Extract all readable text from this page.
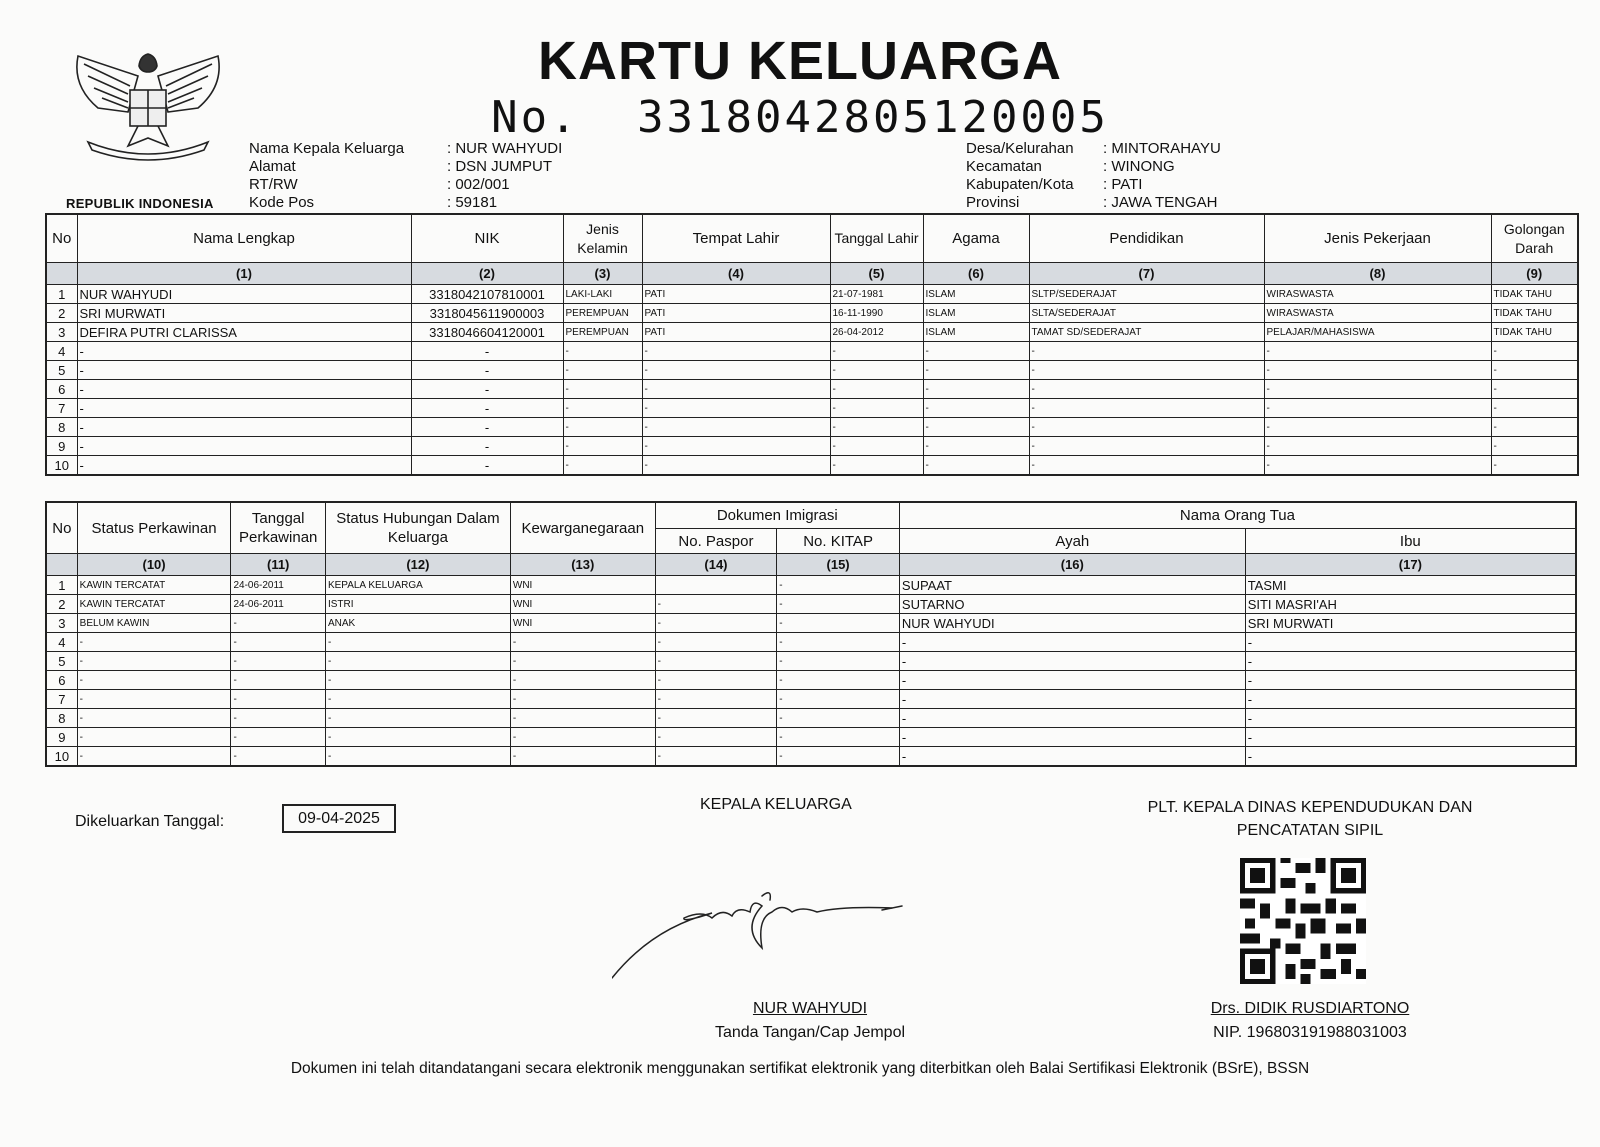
REPUBLIK INDONESIA
KARTU KELUARGA
No. 3318042805120005
Nama Kepala Keluarga	: NUR WAHYUDI
Alamat	: DSN JUMPUT
RT/RW	: 002/001
Kode Pos	: 59181
Desa/Kelurahan : MINTORAHAYU
Kecamatan	: WINONG
Kabupaten/Kota : PATI
Provinsi	: JAWA TENGAH
No	Nama Lengkap	NIK	Jenis Kelamin	Tempat Lahir	Tanggal Lahir	Agama	Pendidikan	Jenis Pekerjaan	Golongan Darah
	(1)	(2)	(3)	(4)	(5)	(6)	(7)	(8)	(9)
1	NUR WAHYUDI	3318042107810001	LAKI-LAKI	PATI	21-07-1981	ISLAM	SLTP/SEDERAJAT	WIRASWASTA	TIDAK TAHU
2	SRI MURWATI	3318045611900003	PEREMPUAN	PATI	16-11-1990	ISLAM	SLTA/SEDERAJAT	WIRASWASTA	TIDAK TAHU
3	DEFIRA PUTRI CLARISSA	3318046604120001	PEREMPUAN	PATI	26-04-2012	ISLAM	TAMAT SD/SEDERAJAT	PELAJAR/MAHASISWA	TIDAK TAHU
4	-	-	-	-	-	-	-	-	-
5	-	-	-	-	-	-	-	-	-
6	-	-	-	-	-	-	-	-	-
7	-	-	-	-	-	-	-	-	-
8	-	-	-	-	-	-	-	-	-
9	-	-	-	-	-	-	-	-	-
10	-	-	-	-	-	-	-	-	-
No	Status Perkawinan	Tanggal Perkawinan	Status Hubungan Dalam Keluarga	Kewarganegaraan	Dokumen Imigrasi		Nama Orang Tua	
					No. Paspor	No. KITAP	Ayah	Ibu
	(10)	(11)	(12)	(13)	(14)	(15)	(16)	(17)
1	KAWIN TERCATAT	24-06-2011	KEPALA KELUARGA	WNI		-	SUPAAT	TASMI
2	KAWIN TERCATAT	24-06-2011	ISTRI	WNI	-	-	SUTARNO	SITI MASRI'AH
3	BELUM KAWIN	-	ANAK	WNI	-	-	NUR WAHYUDI	SRI MURWATI
4	-	-	-	-	-	-	-	-
5	-	-	-	-	-	-	-	-
6	-	-	-	-	-	-	-	-
7	-	-	-	-	-	-	-	-
8	-	-	-	-	-	-	-	-
9	-	-	-	-	-	-	-	-
10	-	-	-	-	-	-	-	-
Dikeluarkan Tanggal:	09-04-2025
KEPALA KELUARGA	PLT. KEPALA DINAS KEPENDUDUKAN DAN
PENCATATAN SIPIL
NUR WAHYUDI
Tanda Tangan/Cap Jempol
Drs. DIDIK RUSDIARTONO
NIP. 196803191988031003
Dokumen ini telah ditandatangani secara elektronik menggunakan sertifikat elektronik yang diterbitkan oleh Balai Sertifikasi Elektronik (BSrE), BSSN
